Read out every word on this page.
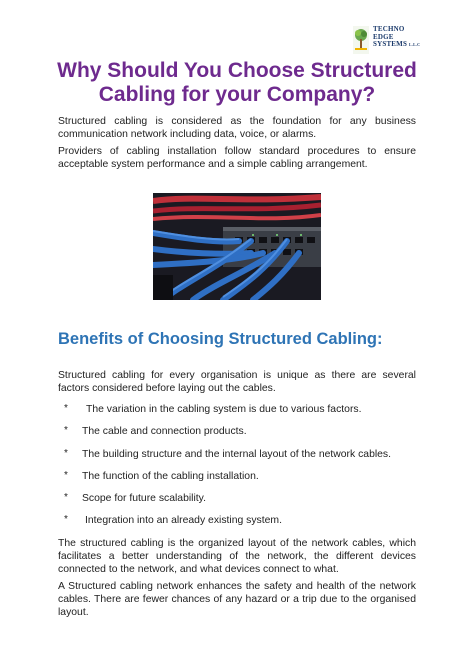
TECHNO
EDGE
SYSTEMS L.L.C
Why Should You Choose Structured Cabling for your Company?
Structured cabling is considered as the foundation for any business communication network including data, voice, or alarms.
Providers of cabling installation follow standard procedures to ensure acceptable system performance and a simple cabling arrangement.
Benefits of Choosing Structured Cabling:
Structured cabling for every organisation is unique as there are several factors considered before laying out the cables.
* The variation in the cabling system is due to various factors.
* The cable and connection products.
* The building structure and the internal layout of the network cables.
* The function of the cabling installation.
* Scope for future scalability.
* Integration into an already existing system.
The structured cabling is the organized layout of the network cables, which facilitates a better understanding of the network, the different devices connected to the network, and what devices connect to what.
A Structured cabling network enhances the safety and health of the network cables. There are fewer chances of any hazard or a trip due to the organised layout.
